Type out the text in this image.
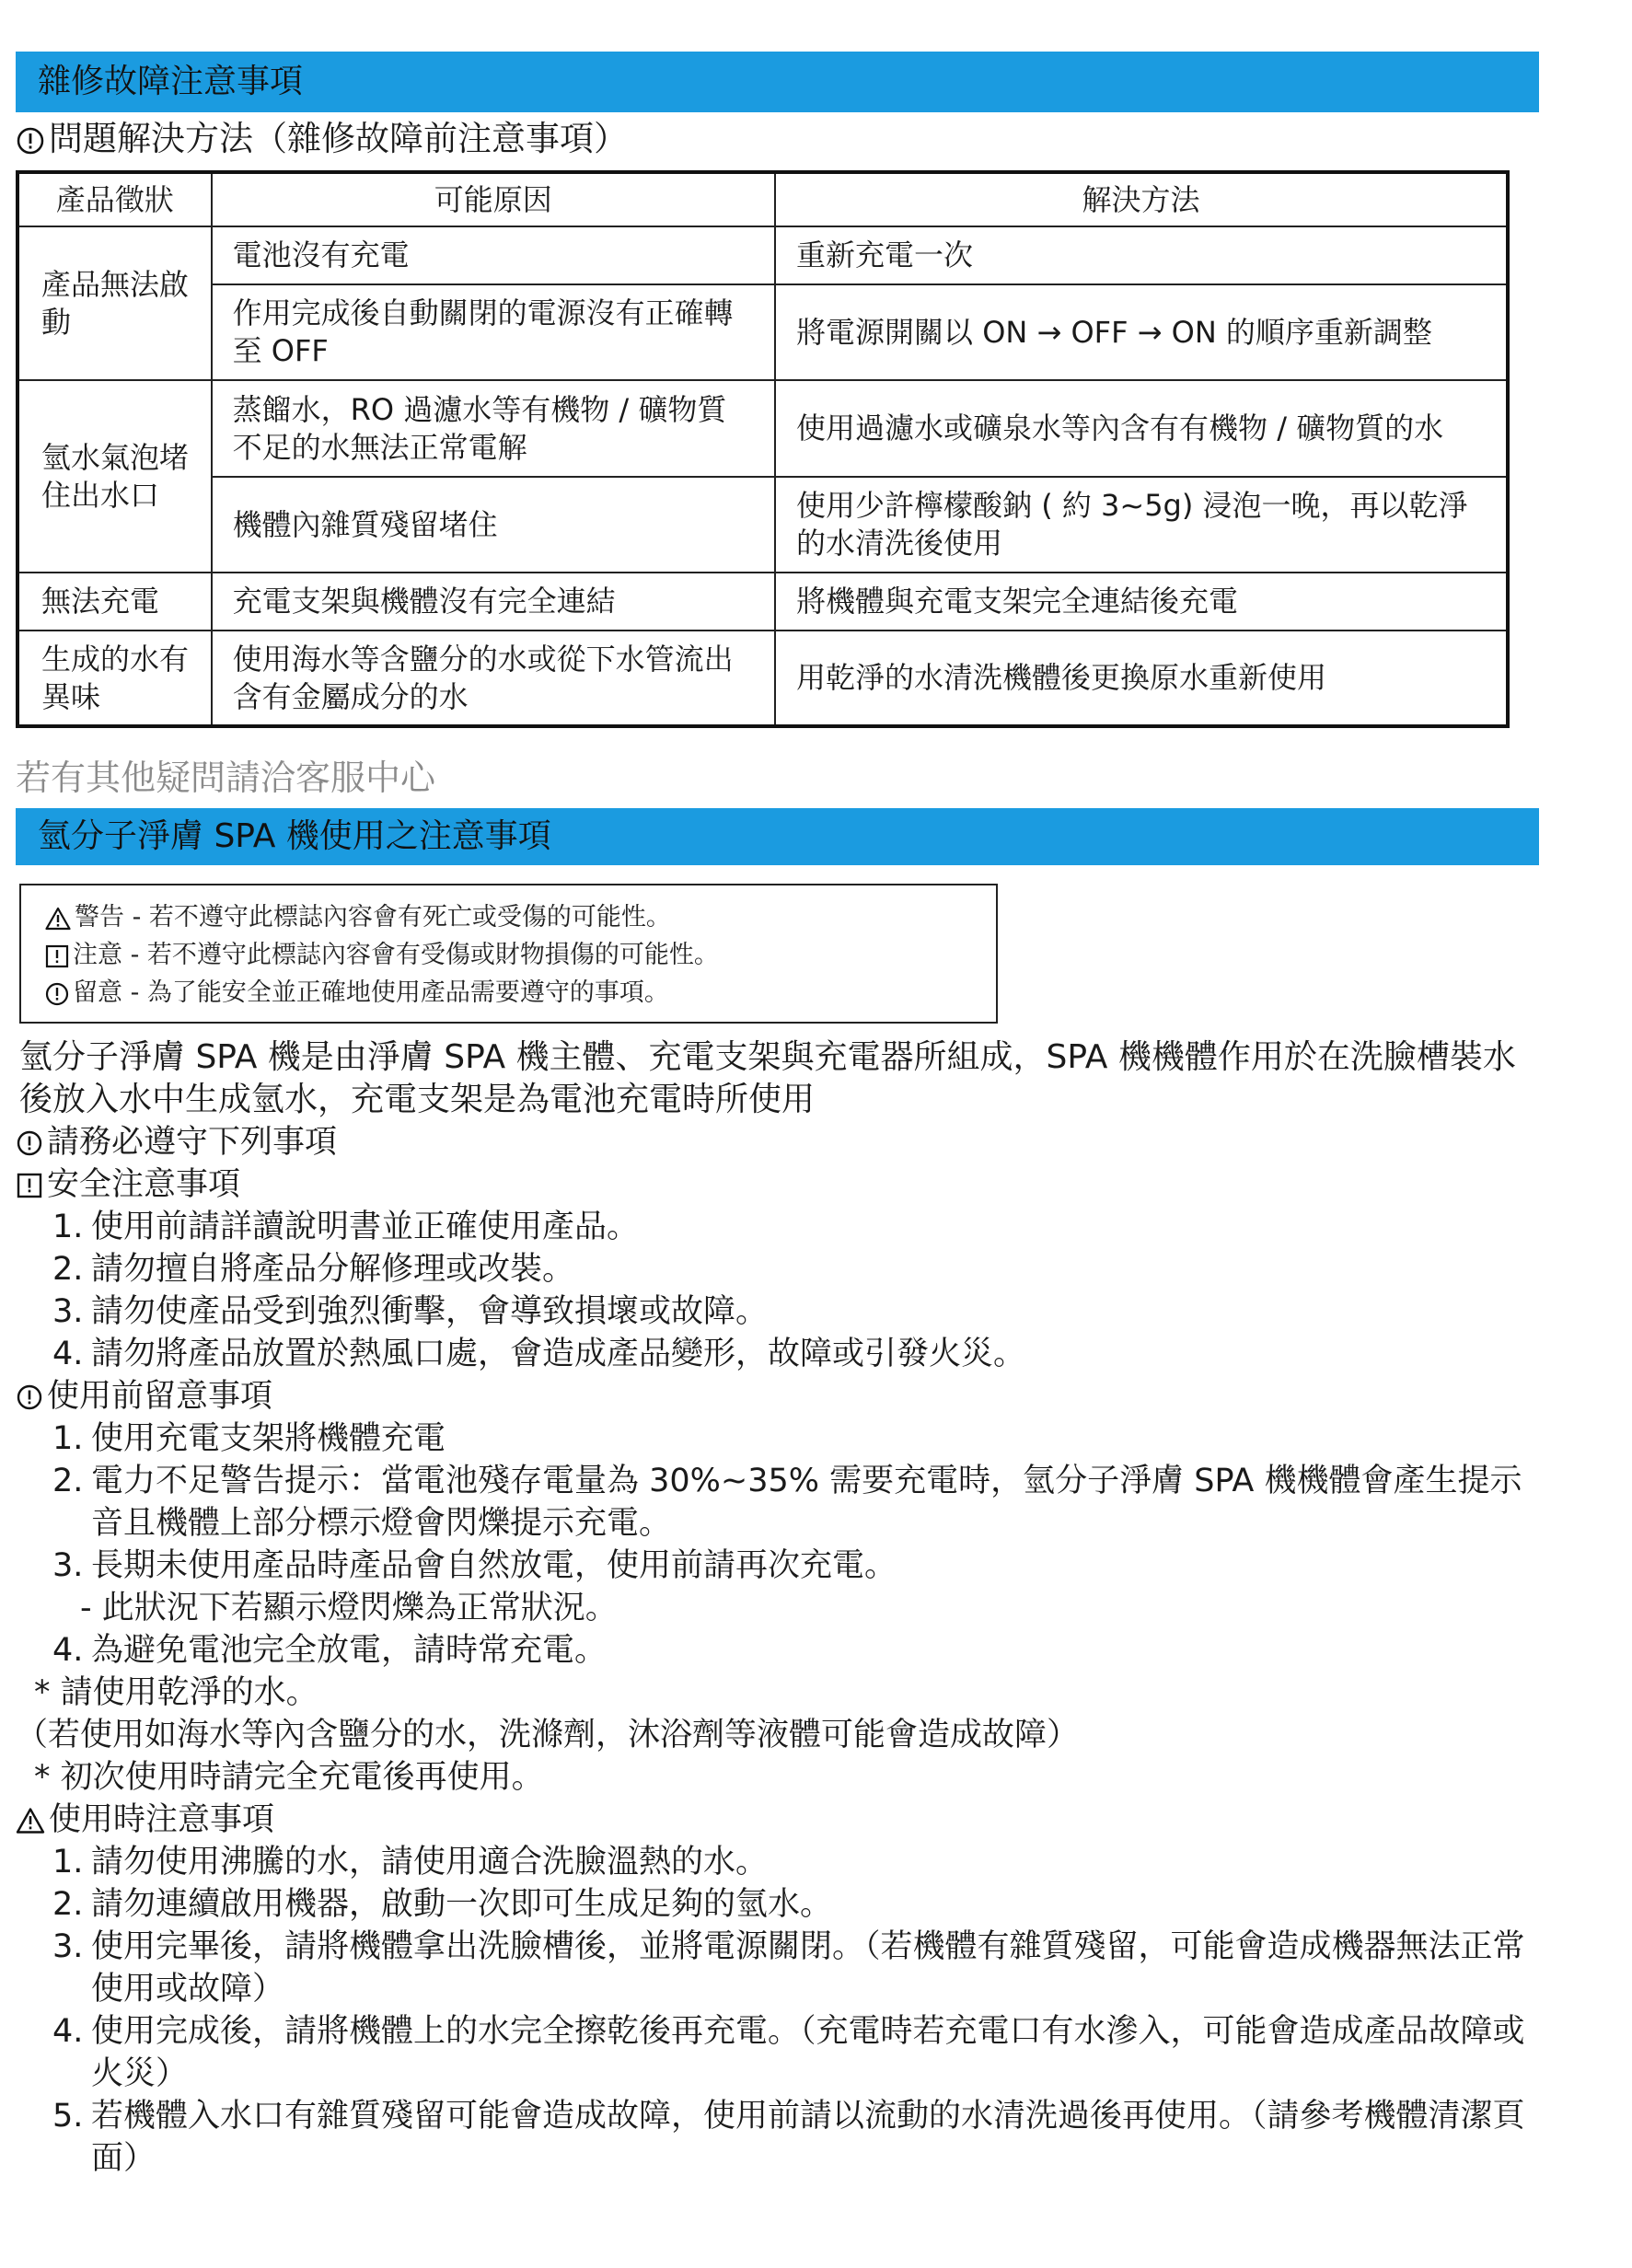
雜修故障注意事項
問題解決方法（雜修故障前注意事項）
產品徵狀	可能原因	解決方法
產品無法啟動	電池沒有充電	重新充電一次
	作用完成後自動關閉的電源沒有正確轉至 OFF	將電源開關以 ON → OFF → ON 的順序重新調整
氫水氣泡堵住出水口	蒸餾水，RO 過濾水等有機物 / 礦物質不足的水無法正常電解	使用過濾水或礦泉水等內含有有機物 / 礦物質的水
	機體內雜質殘留堵住	使用少許檸檬酸鈉 ( 約 3~5g) 浸泡一晚，再以乾淨的水清洗後使用
無法充電	充電支架與機體沒有完全連結	將機體與充電支架完全連結後充電
生成的水有異味	使用海水等含鹽分的水或從下水管流出含有金屬成分的水	用乾淨的水清洗機體後更換原水重新使用
若有其他疑問請洽客服中心
氫分子淨膚 SPA 機使用之注意事項
警告 - 若不遵守此標誌內容會有死亡或受傷的可能性。
注意 - 若不遵守此標誌內容會有受傷或財物損傷的可能性。
留意 - 為了能安全並正確地使用產品需要遵守的事項。
氫分子淨膚 SPA 機是由淨膚 SPA 機主體、充電支架與充電器所組成，SPA 機機體作用於在洗臉槽裝水後放入水中生成氫水，充電支架是為電池充電時所使用
請務必遵守下列事項
安全注意事項
1. 使用前請詳讀說明書並正確使用產品。
2. 請勿擅自將產品分解修理或改裝。
3. 請勿使產品受到強烈衝擊，會導致損壞或故障。
4. 請勿將產品放置於熱風口處，會造成產品變形，故障或引發火災。
使用前留意事項
1. 使用充電支架將機體充電
2. 電力不足警告提示：當電池殘存電量為 30%~35% 需要充電時，氫分子淨膚 SPA 機機體會產生提示音且機體上部分標示燈會閃爍提示充電。
3. 長期未使用產品時產品會自然放電，使用前請再次充電。
- 此狀況下若顯示燈閃爍為正常狀況。
4. 為避免電池完全放電，請時常充電。
* 請使用乾淨的水。
（若使用如海水等內含鹽分的水，洗滌劑，沐浴劑等液體可能會造成故障）
* 初次使用時請完全充電後再使用。
使用時注意事項
1. 請勿使用沸騰的水，請使用適合洗臉溫熱的水。
2. 請勿連續啟用機器，啟動一次即可生成足夠的氫水。
3. 使用完畢後，請將機體拿出洗臉槽後，並將電源關閉。（若機體有雜質殘留，可能會造成機器無法正常使用或故障）
4. 使用完成後，請將機體上的水完全擦乾後再充電。（充電時若充電口有水滲入，可能會造成產品故障或火災）
5. 若機體入水口有雜質殘留可能會造成故障，使用前請以流動的水清洗過後再使用。（請參考機體清潔頁面）
